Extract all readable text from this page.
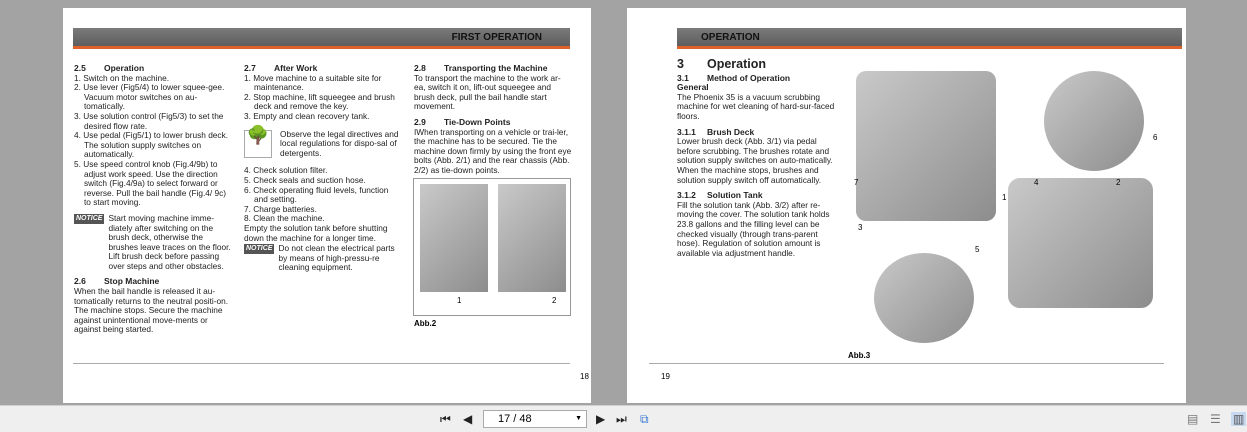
FIRST OPERATION
2.5 Operation

1. Switch on the machine.

2. Use lever (Fig5/4) to lower squee-gee. Vacuum motor switches on au-tomatically.

3. Use solution control (Fig5/3) to set the desired flow rate.

4. Use pedal (Fig5/1) to lower brush deck. The solution supply switches on automatically.

5. Use speed control knob (Fig.4/9b) to adjust work speed. Use the direction switch (Fig.4/9a) to select forward or reverse. Pull the bail handle (Fig.4/ 9c) to start moving.

NOTICE Start moving machine imme-diately after switching on the brush deck, otherwise the brushes leave traces on the floor. Lift brush deck before passing over steps and other obstacles.

2.6 Stop Machine

When the bail handle is released it au-tomatically returns to the neutral positi-on. The machine stops. Secure the machine against unintentional move-ments or against being started.

2.7 After Work

1. Move machine to a suitable site for maintenance.

2. Stop machine, lift squeegee and brush deck and remove the key.

3. Empty and clean recovery tank.

🌳	Observe the legal directives and local regulations for dispo-sal of detergents.

4. Check solution filter.

5. Check seals and suction hose.

6. Check operating fluid levels, function and setting.

7. Charge batteries.

8. Clean the machine.

Empty the solution tank before shutting down the machine for a longer time.

NOTICE Do not clean the electrical parts by means of high-pressu-re cleaning equipment.

2.8 Transporting the Machine

To transport the machine to the work ar-ea, switch it on, lift-out squeegee and brush deck, pull the bail handle start movement.

2.9 Tie-Down Points

IWhen transporting on a vehicle or trai-ler, the machine has to be secured. Tie the machine down firmly by using the front eye bolts (Abb. 2/1) and the rear chassis (Abb. 2/2) as tie-down points.

1	2
Abb.2
18
OPERATION
3 Operation
3.1 Method of Operation
General

The Phoenix 35 is a vacuum scrubbing machine for wet cleaning of hard-sur-faced floors.

3.1.1 Brush Deck

Lower brush deck (Abb. 3/1) via pedal before scrubbing. The brushes rotate and solution supply switches on auto-matically. When the machine stops, brushes and solution supply switch off automatically.

3.1.2 Solution Tank

Fill the solution tank (Abb. 3/2) after re-moving the cover. The solution tank holds 23.8 gallons and the filling level can be checked visually (through trans-parent hose). Regulation of solution amount is available via adjustment handle.

1
2
3
4
5
6
7
Abb.3
19
⏮ ◀	17 / 48	▼ ▶ ⏭ ⧉	▤ ☰ ▥
